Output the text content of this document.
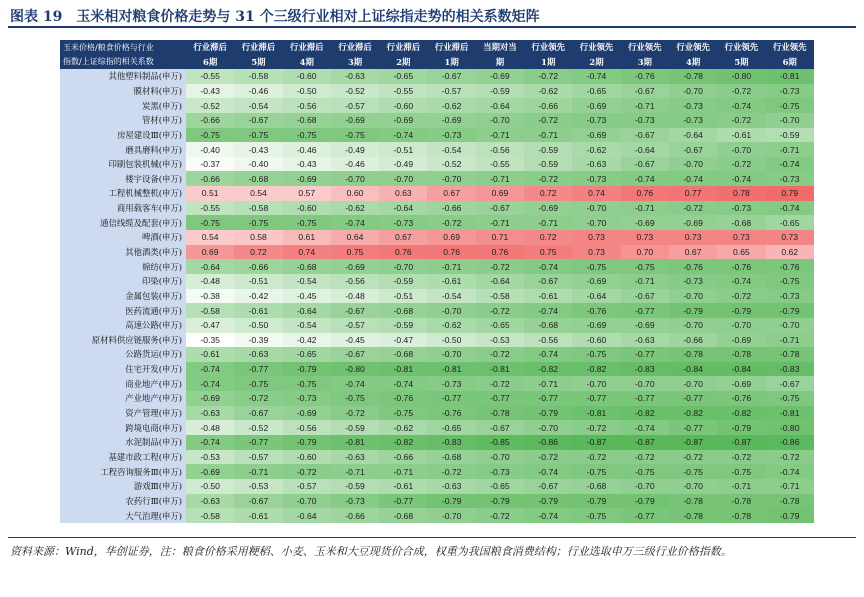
图表 19　玉米相对粮食价格走势与 31 个三级行业相对上证综指走势的相关系数矩阵
玉米价格/粮食价格与行业	行业滞后	行业滞后	行业滞后	行业滞后	行业滞后	行业滞后	当期对当	行业领先	行业领先	行业领先	行业领先	行业领先	行业领先
指数/上证综指的相关系数	6期	5期	4期	3期	2期	1期	期	1期	2期	3期	4期	5期	6期
其他塑料制品(申万)	-0.55	-0.58	-0.60	-0.63	-0.65	-0.67	-0.69	-0.72	-0.74	-0.76	-0.78	-0.80	-0.81
膜材料(申万)	-0.43	-0.46	-0.50	-0.52	-0.55	-0.57	-0.59	-0.62	-0.65	-0.67	-0.70	-0.72	-0.73
炭黑(申万)	-0.52	-0.54	-0.56	-0.57	-0.60	-0.62	-0.64	-0.66	-0.69	-0.71	-0.73	-0.74	-0.75
管材(申万)	-0.66	-0.67	-0.68	-0.69	-0.69	-0.69	-0.70	-0.72	-0.73	-0.73	-0.73	-0.72	-0.70
房屋建设Ⅲ(申万)	-0.75	-0.75	-0.75	-0.75	-0.74	-0.73	-0.71	-0.71	-0.69	-0.67	-0.64	-0.61	-0.59
磨具磨料(申万)	-0.40	-0.43	-0.46	-0.49	-0.51	-0.54	-0.56	-0.59	-0.62	-0.64	-0.67	-0.70	-0.71
印刷包装机械(申万)	-0.37	-0.40	-0.43	-0.46	-0.49	-0.52	-0.55	-0.59	-0.63	-0.67	-0.70	-0.72	-0.74
楼宇设备(申万)	-0.66	-0.68	-0.69	-0.70	-0.70	-0.70	-0.71	-0.72	-0.73	-0.74	-0.74	-0.74	-0.73
工程机械整机(申万)	0.51	0.54	0.57	0.60	0.63	0.67	0.69	0.72	0.74	0.76	0.77	0.78	0.79
商用载客车(申万)	-0.55	-0.58	-0.60	-0.62	-0.64	-0.66	-0.67	-0.69	-0.70	-0.71	-0.72	-0.73	-0.74
通信线缆及配套(申万)	-0.75	-0.75	-0.75	-0.74	-0.73	-0.72	-0.71	-0.71	-0.70	-0.69	-0.69	-0.68	-0.65
啤酒(申万)	0.54	0.58	0.61	0.64	0.67	0.69	0.71	0.72	0.73	0.73	0.73	0.73	0.73
其他酒类(申万)	0.69	0.72	0.74	0.75	0.76	0.76	0.76	0.75	0.73	0.70	0.67	0.65	0.62
棉纺(申万)	-0.64	-0.66	-0.68	-0.69	-0.70	-0.71	-0.72	-0.74	-0.75	-0.75	-0.76	-0.76	-0.76
印染(申万)	-0.48	-0.51	-0.54	-0.56	-0.59	-0.61	-0.64	-0.67	-0.69	-0.71	-0.73	-0.74	-0.75
金属包装(申万)	-0.38	-0.42	-0.45	-0.48	-0.51	-0.54	-0.58	-0.61	-0.64	-0.67	-0.70	-0.72	-0.73
医药流通(申万)	-0.58	-0.61	-0.64	-0.67	-0.68	-0.70	-0.72	-0.74	-0.76	-0.77	-0.79	-0.79	-0.79
高速公路(申万)	-0.47	-0.50	-0.54	-0.57	-0.59	-0.62	-0.65	-0.68	-0.69	-0.69	-0.70	-0.70	-0.70
原材料供应链服务(申万)	-0.35	-0.39	-0.42	-0.45	-0.47	-0.50	-0.53	-0.56	-0.60	-0.63	-0.66	-0.69	-0.71
公路货运(申万)	-0.61	-0.63	-0.65	-0.67	-0.68	-0.70	-0.72	-0.74	-0.75	-0.77	-0.78	-0.78	-0.78
住宅开发(申万)	-0.74	-0.77	-0.79	-0.80	-0.81	-0.81	-0.81	-0.82	-0.82	-0.83	-0.84	-0.84	-0.83
商业地产(申万)	-0.74	-0.75	-0.75	-0.74	-0.74	-0.73	-0.72	-0.71	-0.70	-0.70	-0.70	-0.69	-0.67
产业地产(申万)	-0.69	-0.72	-0.73	-0.75	-0.76	-0.77	-0.77	-0.77	-0.77	-0.77	-0.77	-0.76	-0.75
资产管理(申万)	-0.63	-0.67	-0.69	-0.72	-0.75	-0.76	-0.78	-0.79	-0.81	-0.82	-0.82	-0.82	-0.81
跨境电商(申万)	-0.48	-0.52	-0.56	-0.59	-0.62	-0.65	-0.67	-0.70	-0.72	-0.74	-0.77	-0.79	-0.80
水泥制品(申万)	-0.74	-0.77	-0.79	-0.81	-0.82	-0.83	-0.85	-0.86	-0.87	-0.87	-0.87	-0.87	-0.86
基建市政工程(申万)	-0.53	-0.57	-0.60	-0.63	-0.66	-0.68	-0.70	-0.72	-0.72	-0.72	-0.72	-0.72	-0.72
工程咨询服务Ⅲ(申万)	-0.69	-0.71	-0.72	-0.71	-0.71	-0.72	-0.73	-0.74	-0.75	-0.75	-0.75	-0.75	-0.74
游戏Ⅲ(申万)	-0.50	-0.53	-0.57	-0.59	-0.61	-0.63	-0.65	-0.67	-0.68	-0.70	-0.70	-0.71	-0.71
农药行Ⅲ(申万)	-0.63	-0.67	-0.70	-0.73	-0.77	-0.79	-0.79	-0.79	-0.79	-0.79	-0.78	-0.78	-0.78
大气治理(申万)	-0.58	-0.61	-0.64	-0.66	-0.68	-0.70	-0.72	-0.74	-0.75	-0.77	-0.78	-0.78	-0.79
资料来源：Wind，华创证券，注：粮食价格采用粳稻、小麦、玉米和大豆现货价合成，权重为我国粮食消费结构；行业选取申万三级行业价格指数。
